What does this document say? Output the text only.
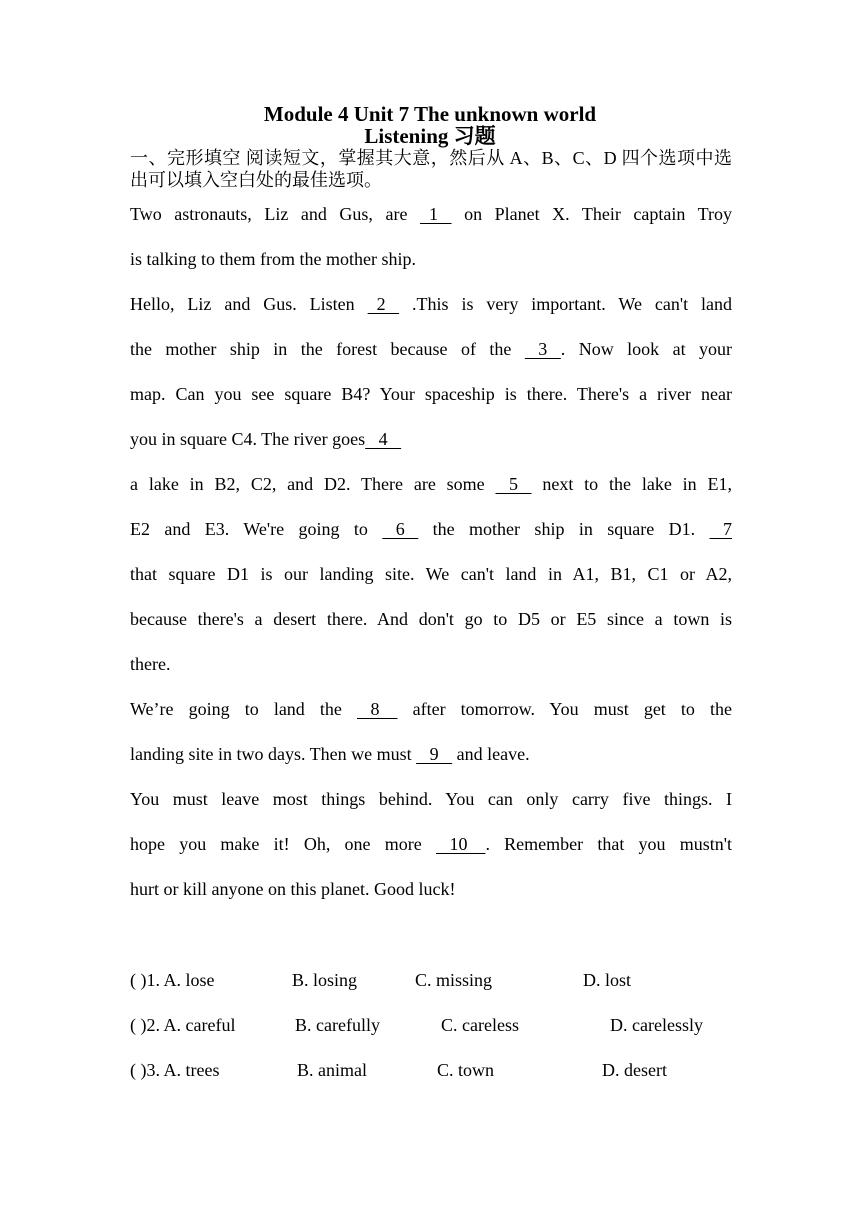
Module 4 Unit 7 The unknown world
Listening 习题
一、完形填空 阅读短文，掌握其大意，然后从 A、B、C、D 四个选项中选出可以填入空白处的最佳选项。
Two astronauts, Liz and Gus, are   1    on Planet X. Their captain Troy
is talking to them from the mother ship.
Hello, Liz and Gus. Listen   2    .This is very important. We can't land
the mother ship in the forest because of the    3   . Now look at your
map. Can you see square B4? Your spaceship is there. There's a river near
you in square C4. The river goes   4
a lake in B2, C2, and D2. There are some    5    next to the lake in E1,
E2 and E3. We're going to    6    the mother ship in square D1.    7
that square D1 is our landing site. We can't land in A1, B1, C1 or A2,
because there's a desert there. And don't go to D5 or E5 since a town is
there.
We’re going to land the    8     after tomorrow. You must get to the
landing site in two days. Then we must    9    and leave.
You must leave most things behind. You can only carry five things. I
hope you make it! Oh, one more    10    . Remember that you mustn't
hurt or kill anyone on this planet. Good luck!
( )1. A. lose	B. losing	C. missing	D. lost
( )2. A. careful	B. carefully	C. careless	D. carelessly
( )3. A. trees	B. animal	C. town	D. desert
